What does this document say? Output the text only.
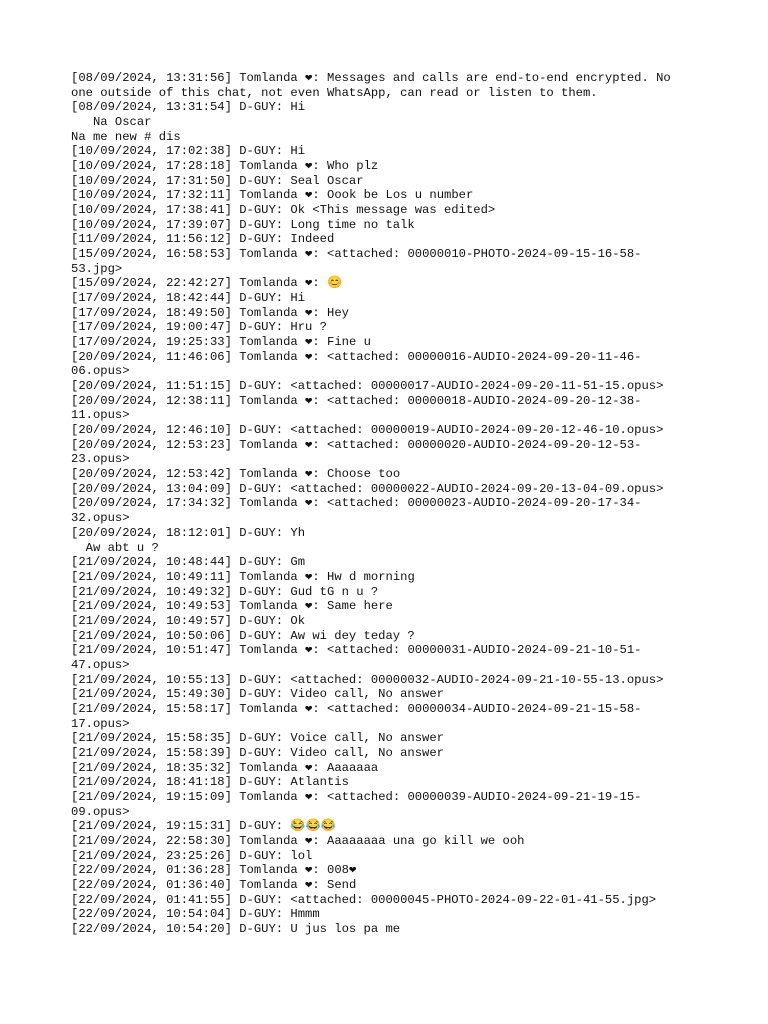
[08/09/2024, 13:31:56] Tomlanda ❤: Messages and calls are end-to-end encrypted. No
one outside of this chat, not even WhatsApp, can read or listen to them.
[08/09/2024, 13:31:54] D-GUY: Hi
Na Oscar
Na me new # dis
[10/09/2024, 17:02:38] D-GUY: Hi
[10/09/2024, 17:28:18] Tomlanda ❤: Who plz
[10/09/2024, 17:31:50] D-GUY: Seal Oscar
[10/09/2024, 17:32:11] Tomlanda ❤: Oook be Los u number
[10/09/2024, 17:38:41] D-GUY: Ok <This message was edited>
[10/09/2024, 17:39:07] D-GUY: Long time no talk
[11/09/2024, 11:56:12] D-GUY: Indeed
[15/09/2024, 16:58:53] Tomlanda ❤: <attached: 00000010-PHOTO-2024-09-15-16-58-
53.jpg>
[15/09/2024, 22:42:27] Tomlanda ❤: 😊
[17/09/2024, 18:42:44] D-GUY: Hi
[17/09/2024, 18:49:50] Tomlanda ❤: Hey
[17/09/2024, 19:00:47] D-GUY: Hru ?
[17/09/2024, 19:25:33] Tomlanda ❤: Fine u
[20/09/2024, 11:46:06] Tomlanda ❤: <attached: 00000016-AUDIO-2024-09-20-11-46-
06.opus>
[20/09/2024, 11:51:15] D-GUY: <attached: 00000017-AUDIO-2024-09-20-11-51-15.opus>
[20/09/2024, 12:38:11] Tomlanda ❤: <attached: 00000018-AUDIO-2024-09-20-12-38-
11.opus>
[20/09/2024, 12:46:10] D-GUY: <attached: 00000019-AUDIO-2024-09-20-12-46-10.opus>
[20/09/2024, 12:53:23] Tomlanda ❤: <attached: 00000020-AUDIO-2024-09-20-12-53-
23.opus>
[20/09/2024, 12:53:42] Tomlanda ❤: Choose too
[20/09/2024, 13:04:09] D-GUY: <attached: 00000022-AUDIO-2024-09-20-13-04-09.opus>
[20/09/2024, 17:34:32] Tomlanda ❤: <attached: 00000023-AUDIO-2024-09-20-17-34-
32.opus>
[20/09/2024, 18:12:01] D-GUY: Yh
Aw abt u ?
[21/09/2024, 10:48:44] D-GUY: Gm
[21/09/2024, 10:49:11] Tomlanda ❤: Hw d morning
[21/09/2024, 10:49:32] D-GUY: Gud tG n u ?
[21/09/2024, 10:49:53] Tomlanda ❤: Same here
[21/09/2024, 10:49:57] D-GUY: Ok
[21/09/2024, 10:50:06] D-GUY: Aw wi dey teday ?
[21/09/2024, 10:51:47] Tomlanda ❤: <attached: 00000031-AUDIO-2024-09-21-10-51-
47.opus>
[21/09/2024, 10:55:13] D-GUY: <attached: 00000032-AUDIO-2024-09-21-10-55-13.opus>
[21/09/2024, 15:49:30] D-GUY: Video call, No answer
[21/09/2024, 15:58:17] Tomlanda ❤: <attached: 00000034-AUDIO-2024-09-21-15-58-
17.opus>
[21/09/2024, 15:58:35] D-GUY: Voice call, No answer
[21/09/2024, 15:58:39] D-GUY: Video call, No answer
[21/09/2024, 18:35:32] Tomlanda ❤: Aaaaaaa
[21/09/2024, 18:41:18] D-GUY: Atlantis
[21/09/2024, 19:15:09] Tomlanda ❤: <attached: 00000039-AUDIO-2024-09-21-19-15-
09.opus>
[21/09/2024, 19:15:31] D-GUY: 😂😂😂
[21/09/2024, 22:58:30] Tomlanda ❤: Aaaaaaaa una go kill we ooh
[21/09/2024, 23:25:26] D-GUY: lol
[22/09/2024, 01:36:28] Tomlanda ❤: 008❤
[22/09/2024, 01:36:40] Tomlanda ❤: Send
[22/09/2024, 01:41:55] D-GUY: <attached: 00000045-PHOTO-2024-09-22-01-41-55.jpg>
[22/09/2024, 10:54:04] D-GUY: Hmmm
[22/09/2024, 10:54:20] D-GUY: U jus los pa me
